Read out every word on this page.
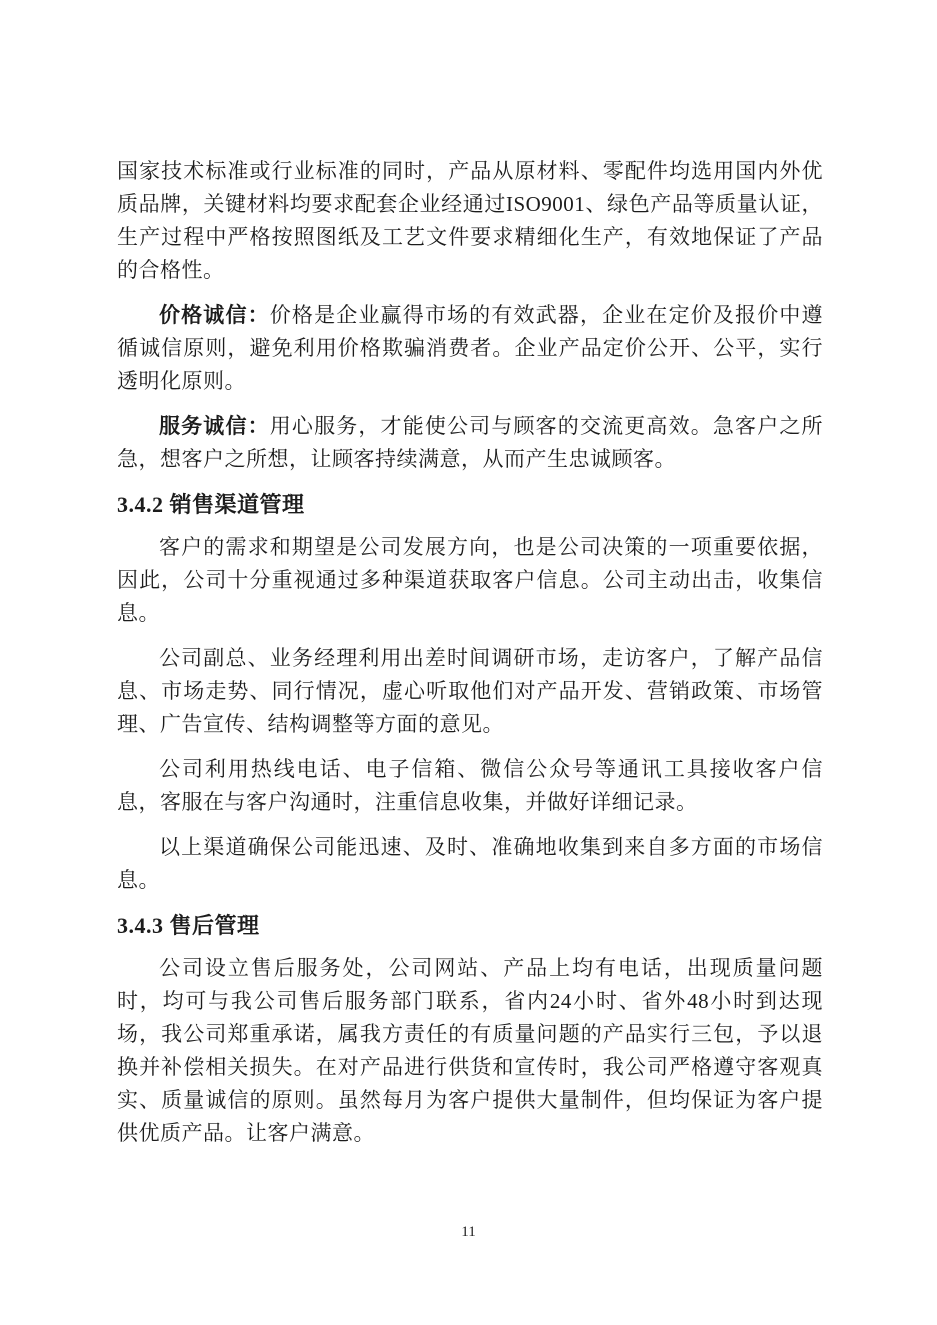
国家技术标准或行业标准的同时，产品从原材料、零配件均选用国内外优质品牌，关键材料均要求配套企业经通过ISO9001、绿色产品等质量认证，生产过程中严格按照图纸及工艺文件要求精细化生产，有效地保证了产品的合格性。

价格诚信：价格是企业赢得市场的有效武器，企业在定价及报价中遵循诚信原则，避免利用价格欺骗消费者。企业产品定价公开、公平，实行透明化原则。

服务诚信：用心服务，才能使公司与顾客的交流更高效。急客户之所急，想客户之所想，让顾客持续满意，从而产生忠诚顾客。

3.4.2 销售渠道管理

客户的需求和期望是公司发展方向，也是公司决策的一项重要依据，因此，公司十分重视通过多种渠道获取客户信息。公司主动出击，收集信息。

公司副总、业务经理利用出差时间调研市场，走访客户，了解产品信息、市场走势、同行情况，虚心听取他们对产品开发、营销政策、市场管理、广告宣传、结构调整等方面的意见。

公司利用热线电话、电子信箱、微信公众号等通讯工具接收客户信息，客服在与客户沟通时，注重信息收集，并做好详细记录。

以上渠道确保公司能迅速、及时、准确地收集到来自多方面的市场信息。

3.4.3 售后管理

公司设立售后服务处，公司网站、产品上均有电话，出现质量问题时，均可与我公司售后服务部门联系，省内24小时、省外48小时到达现场，我公司郑重承诺，属我方责任的有质量问题的产品实行三包，予以退换并补偿相关损失。在对产品进行供货和宣传时，我公司严格遵守客观真实、质量诚信的原则。虽然每月为客户提供大量制件，但均保证为客户提供优质产品。让客户满意。

11
